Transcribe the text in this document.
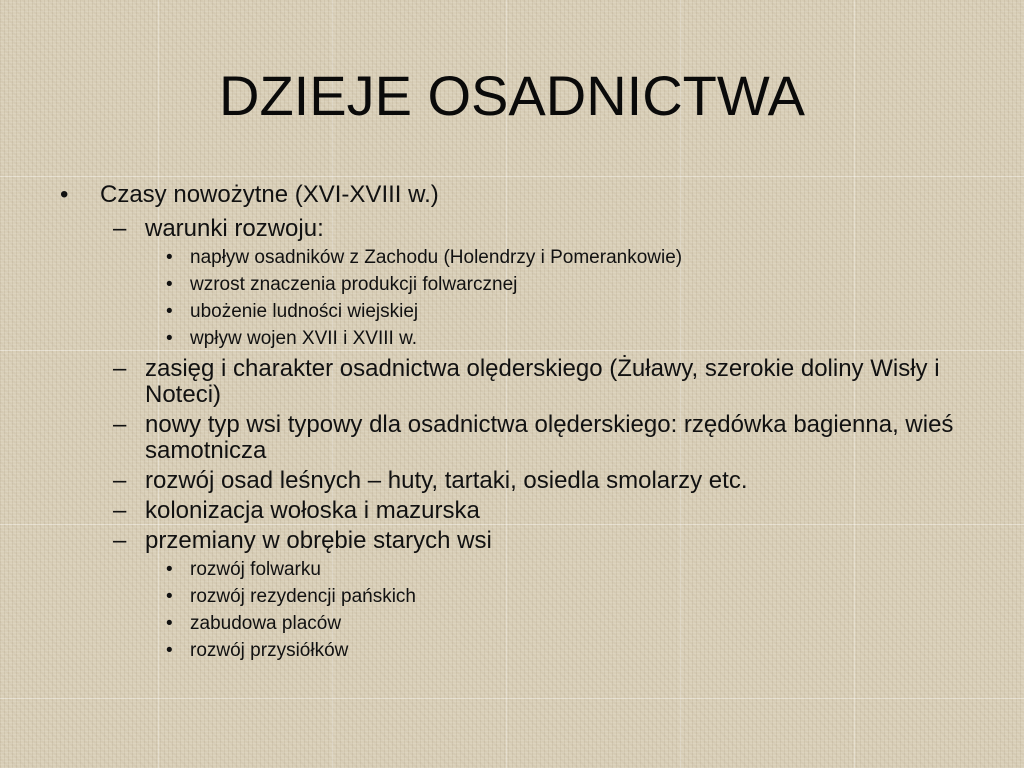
DZIEJE OSADNICTWA
• Czasy nowożytne (XVI-XVIII w.)
– warunki rozwoju:
• napływ osadników z Zachodu (Holendrzy i Pomerankowie)
• wzrost znaczenia produkcji folwarcznej
• ubożenie ludności wiejskiej
• wpływ wojen XVII i XVIII w.
– zasięg i charakter osadnictwa olęderskiego (Żuławy, szerokie doliny Wisły i Noteci)
– nowy typ wsi typowy dla osadnictwa olęderskiego: rzędówka bagienna, wieś samotnicza
– rozwój osad leśnych – huty, tartaki, osiedla smolarzy etc.
– kolonizacja wołoska i mazurska
– przemiany w obrębie starych wsi
• rozwój folwarku
• rozwój rezydencji pańskich
• zabudowa placów
• rozwój przysiółków
